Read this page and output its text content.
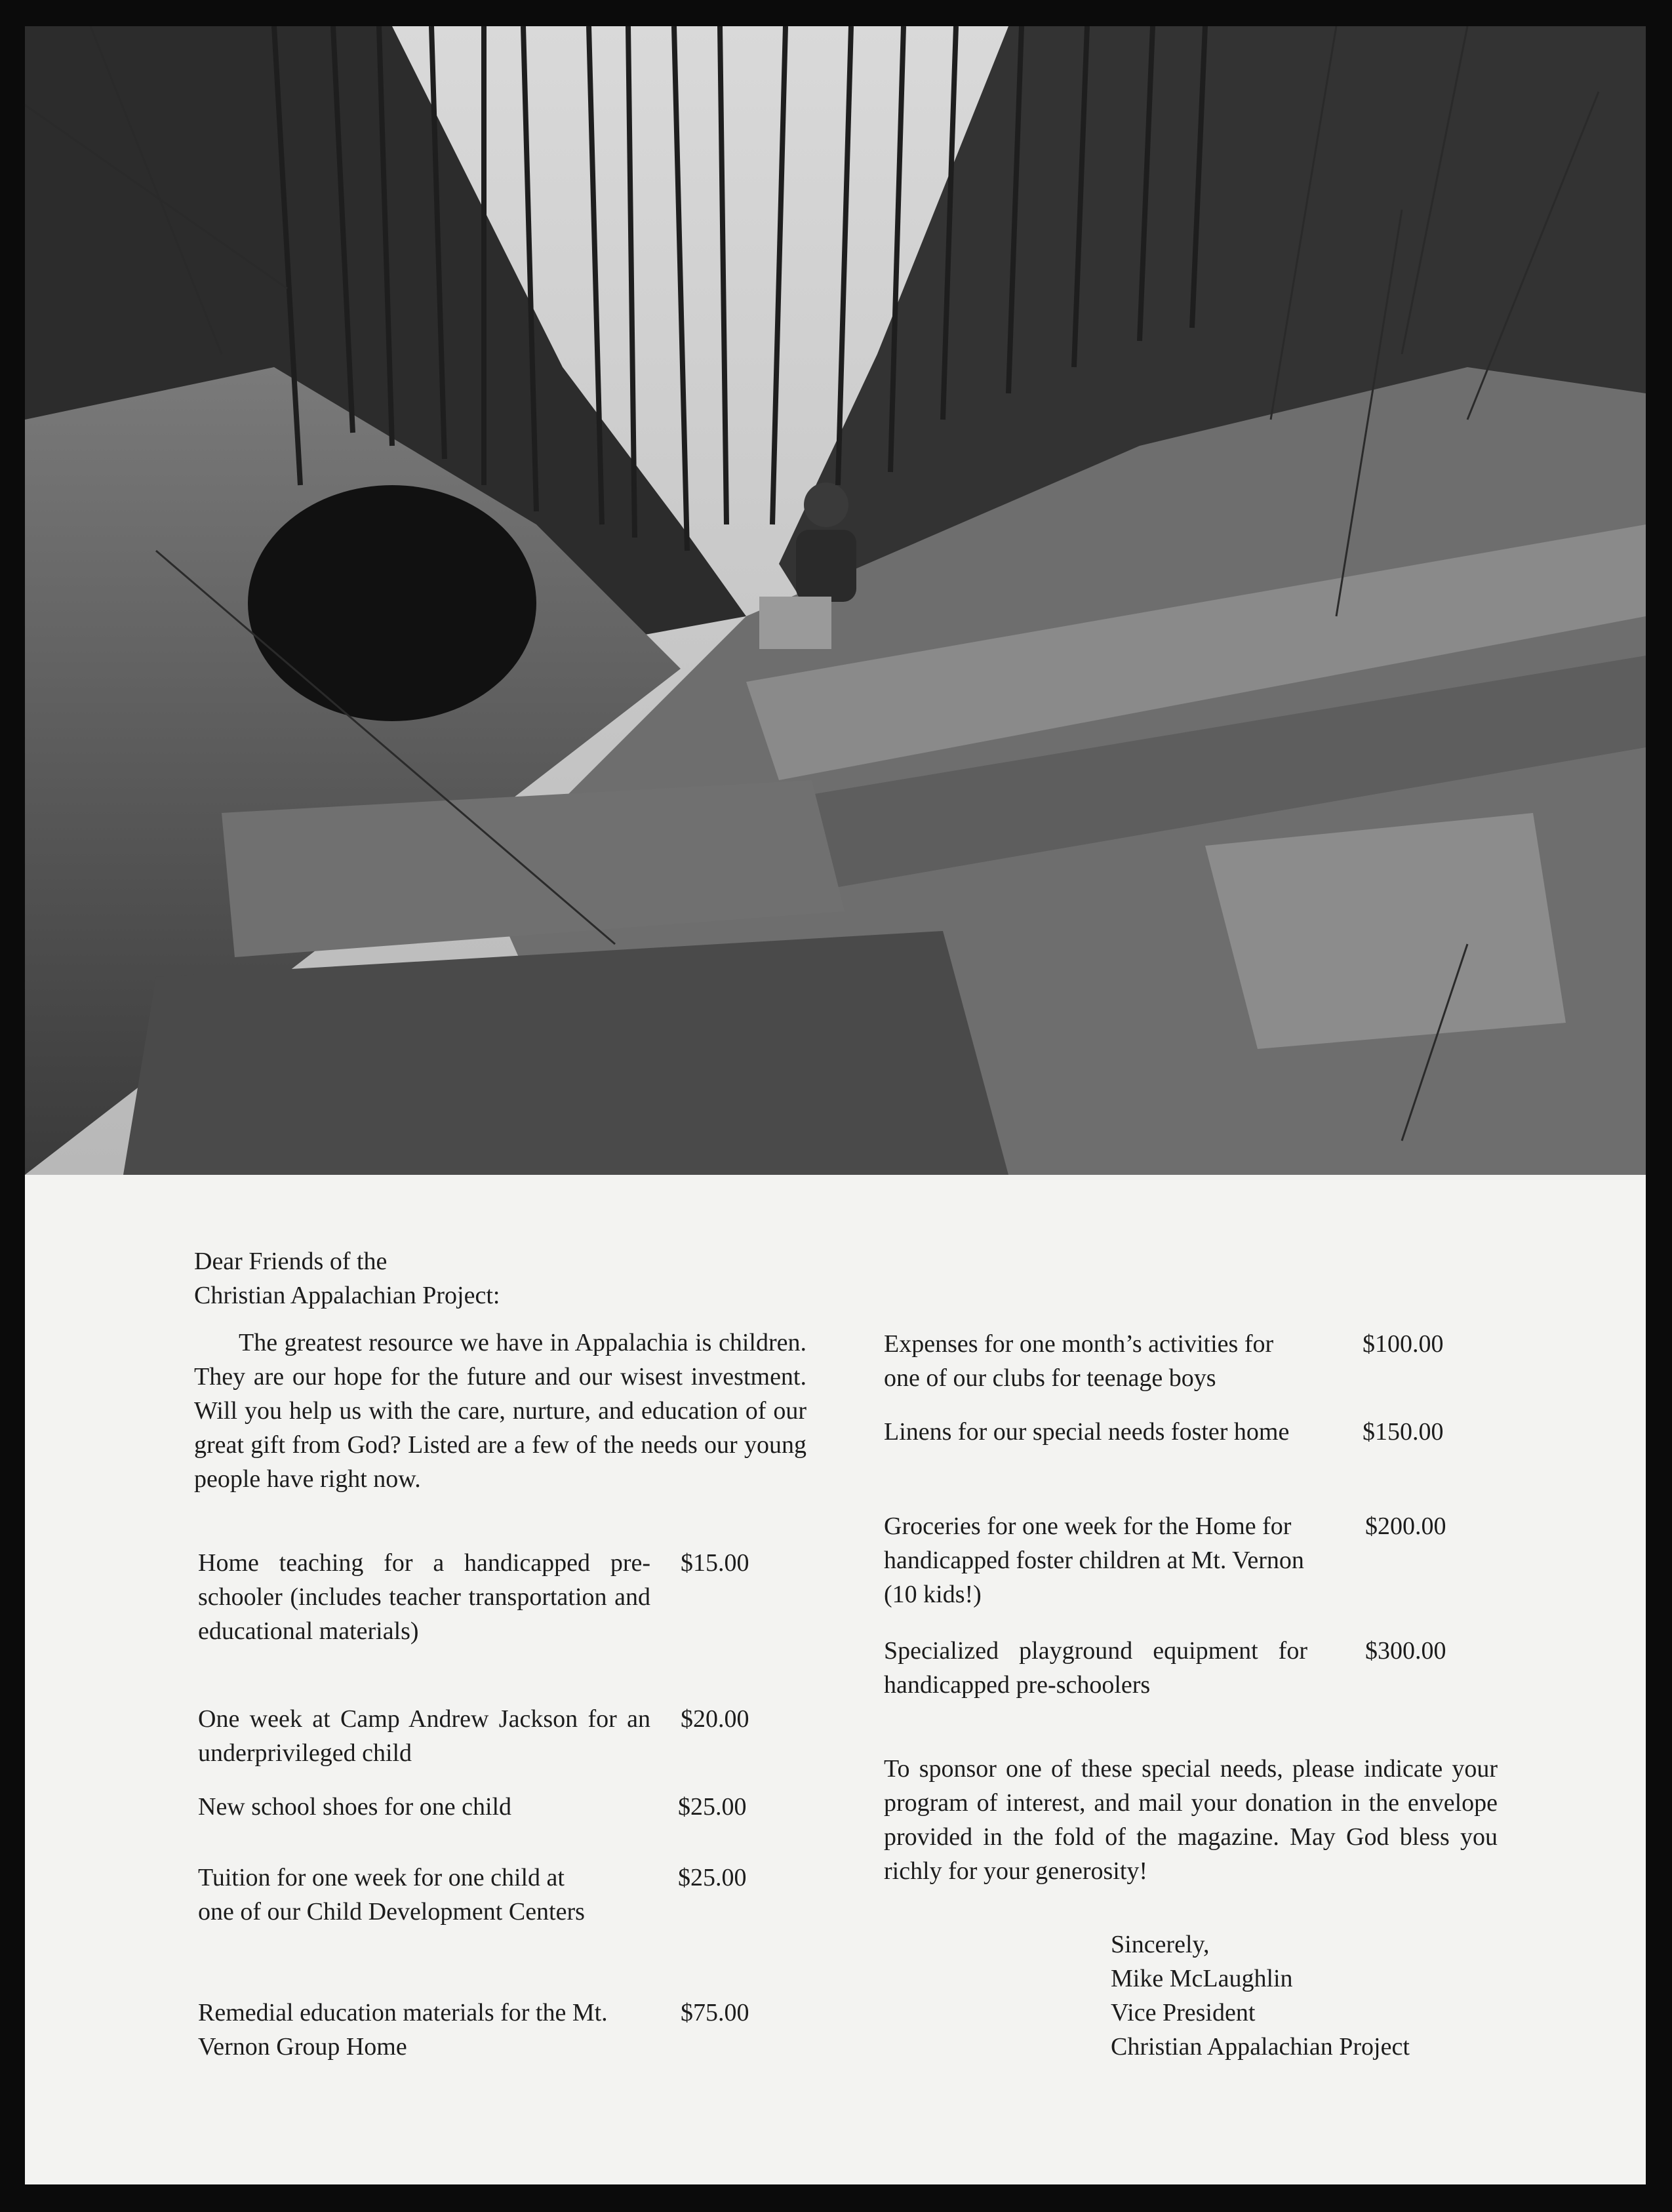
Dear Friends of the
Christian Appalachian Project:
The greatest resource we have in Appalachia is children. They are our hope for the future and our wisest investment. Will you help us with the care, nurture, and education of our great gift from God? Listed are a few of the needs our young people have right now.
Home teaching for a handicapped pre-schooler (includes teacher transportation and educational materials)
$15.00
One week at Camp Andrew Jackson for an underprivileged child
$20.00
New school shoes for one child	$25.00
Tuition for one week for one child at one of our Child Development Centers
$25.00
Remedial education materials for the Mt. Vernon Group Home
$75.00
Expenses for one month’s activities for one of our clubs for teenage boys
$100.00
Linens for our special needs foster home	$150.00
Groceries for one week for the Home for handicapped foster children at Mt. Vernon (10 kids!)
$200.00
Specialized playground equipment for handicapped pre-schoolers
$300.00
To sponsor one of these special needs, please indicate your program of interest, and mail your donation in the envelope provided in the fold of the magazine. May God bless you richly for your generosity!
Sincerely,
Mike McLaughlin
Vice President
Christian Appalachian Project
